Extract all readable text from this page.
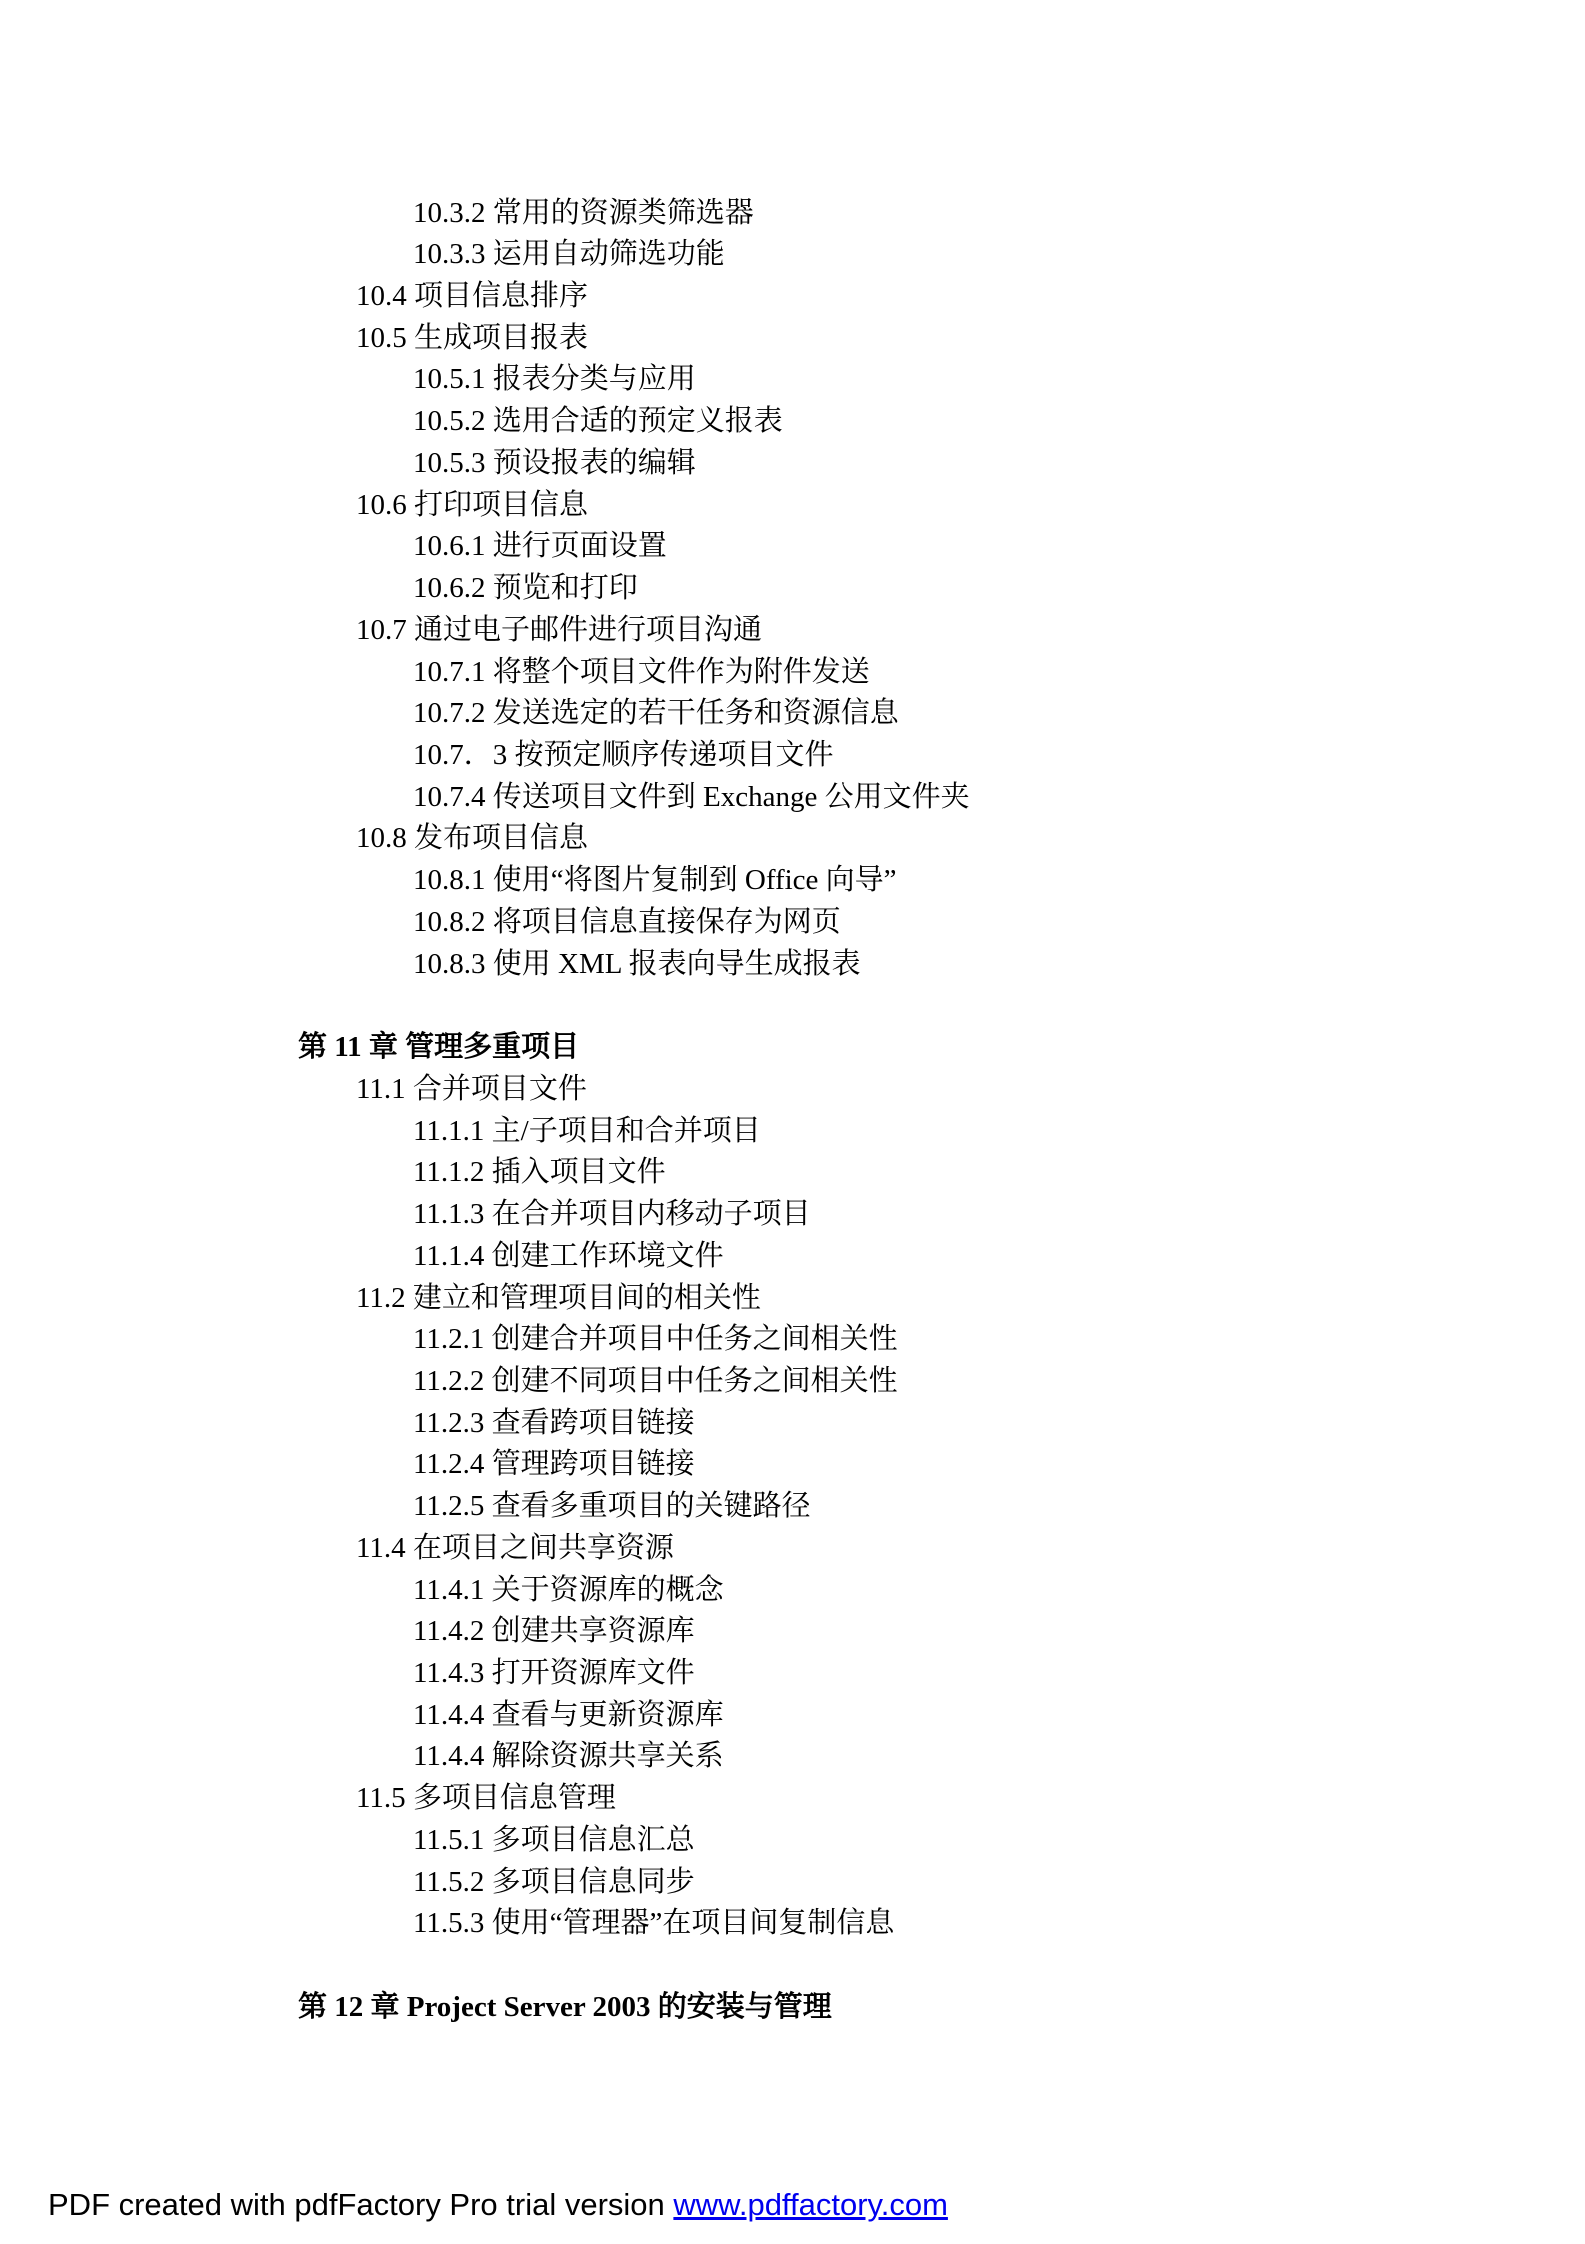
10.3.2 常用的资源类筛选器
10.3.3 运用自动筛选功能
10.4 项目信息排序
10.5 生成项目报表
10.5.1 报表分类与应用
10.5.2 选用合适的预定义报表
10.5.3 预设报表的编辑
10.6 打印项目信息
10.6.1 进行页面设置
10.6.2 预览和打印
10.7 通过电子邮件进行项目沟通
10.7.1 将整个项目文件作为附件发送
10.7.2 发送选定的若干任务和资源信息
10.7．3 按预定顺序传递项目文件
10.7.4 传送项目文件到 Exchange 公用文件夹
10.8 发布项目信息
10.8.1 使用“将图片复制到 Office 向导”
10.8.2 将项目信息直接保存为网页
10.8.3 使用 XML 报表向导生成报表
第 11 章 管理多重项目
11.1 合并项目文件
11.1.1 主/子项目和合并项目
11.1.2 插入项目文件
11.1.3 在合并项目内移动子项目
11.1.4 创建工作环境文件
11.2 建立和管理项目间的相关性
11.2.1 创建合并项目中任务之间相关性
11.2.2 创建不同项目中任务之间相关性
11.2.3 查看跨项目链接
11.2.4 管理跨项目链接
11.2.5 查看多重项目的关键路径
11.4 在项目之间共享资源
11.4.1 关于资源库的概念
11.4.2 创建共享资源库
11.4.3 打开资源库文件
11.4.4 查看与更新资源库
11.4.4 解除资源共享关系
11.5 多项目信息管理
11.5.1 多项目信息汇总
11.5.2 多项目信息同步
11.5.3 使用“管理器”在项目间复制信息
第 12 章 Project Server 2003 的安装与管理
PDF created with pdfFactory Pro trial version www.pdffactory.com
